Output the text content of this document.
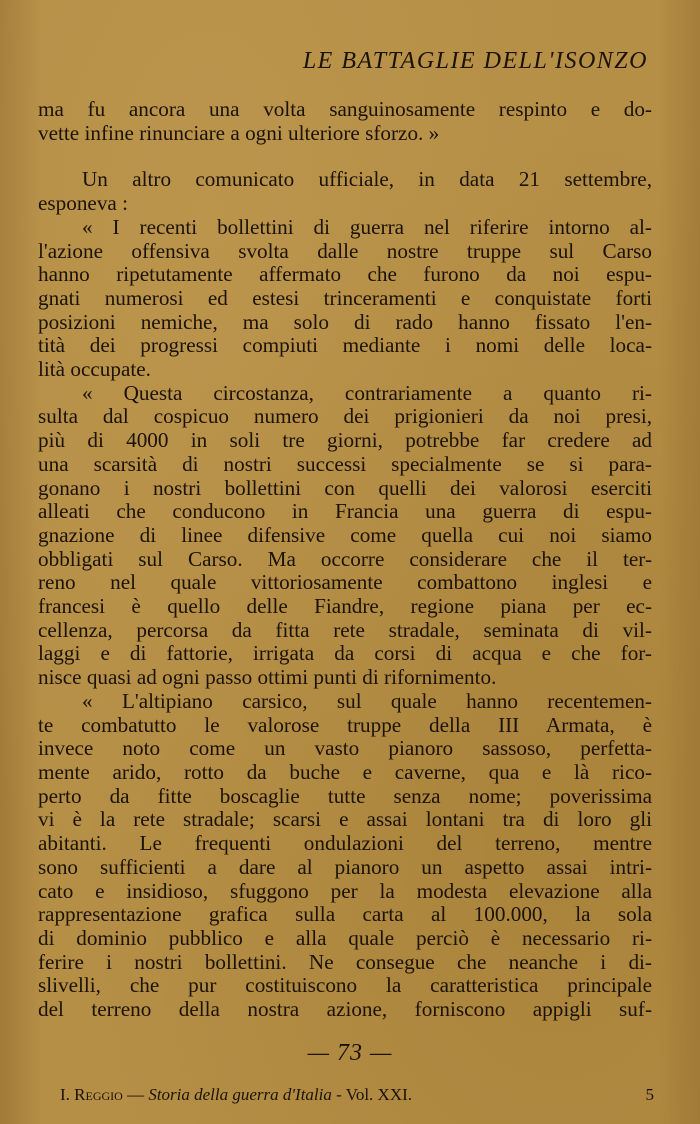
LE BATTAGLIE DELL'ISONZO
ma fu ancora una volta sanguinosamente respinto e do-
vette infine rinunciare a ogni ulteriore sforzo. »
Un altro comunicato ufficiale, in data 21 settembre,
esponeva :
« I recenti bollettini di guerra nel riferire intorno al-
l'azione offensiva svolta dalle nostre truppe sul Carso
hanno ripetutamente affermato che furono da noi espu-
gnati numerosi ed estesi trinceramenti e conquistate forti
posizioni nemiche, ma solo di rado hanno fissato l'en-
tità dei progressi compiuti mediante i nomi delle loca-
lità occupate.
« Questa circostanza, contrariamente a quanto ri-
sulta dal cospicuo numero dei prigionieri da noi presi,
più di 4000 in soli tre giorni, potrebbe far credere ad
una scarsità di nostri successi specialmente se si para-
gonano i nostri bollettini con quelli dei valorosi eserciti
alleati che conducono in Francia una guerra di espu-
gnazione di linee difensive come quella cui noi siamo
obbligati sul Carso. Ma occorre considerare che il ter-
reno nel quale vittoriosamente combattono inglesi e
francesi è quello delle Fiandre, regione piana per ec-
cellenza, percorsa da fitta rete stradale, seminata di vil-
laggi e di fattorie, irrigata da corsi di acqua e che for-
nisce quasi ad ogni passo ottimi punti di rifornimento.
« L'altipiano carsico, sul quale hanno recentemen-
te combatutto le valorose truppe della III Armata, è
invece noto come un vasto pianoro sassoso, perfetta-
mente arido, rotto da buche e caverne, qua e là rico-
perto da fitte boscaglie tutte senza nome; poverissima
vi è la rete stradale; scarsi e assai lontani tra di loro gli
abitanti. Le frequenti ondulazioni del terreno, mentre
sono sufficienti a dare al pianoro un aspetto assai intri-
cato e insidioso, sfuggono per la modesta elevazione alla
rappresentazione grafica sulla carta al 100.000, la sola
di dominio pubblico e alla quale perciò è necessario ri-
ferire i nostri bollettini. Ne consegue che neanche i di-
slivelli, che pur costituiscono la caratteristica principale
del terreno della nostra azione, forniscono appigli suf-
— 73 —
I. Reggio — Storia della guerra d'Italia - Vol. XXI.	5
